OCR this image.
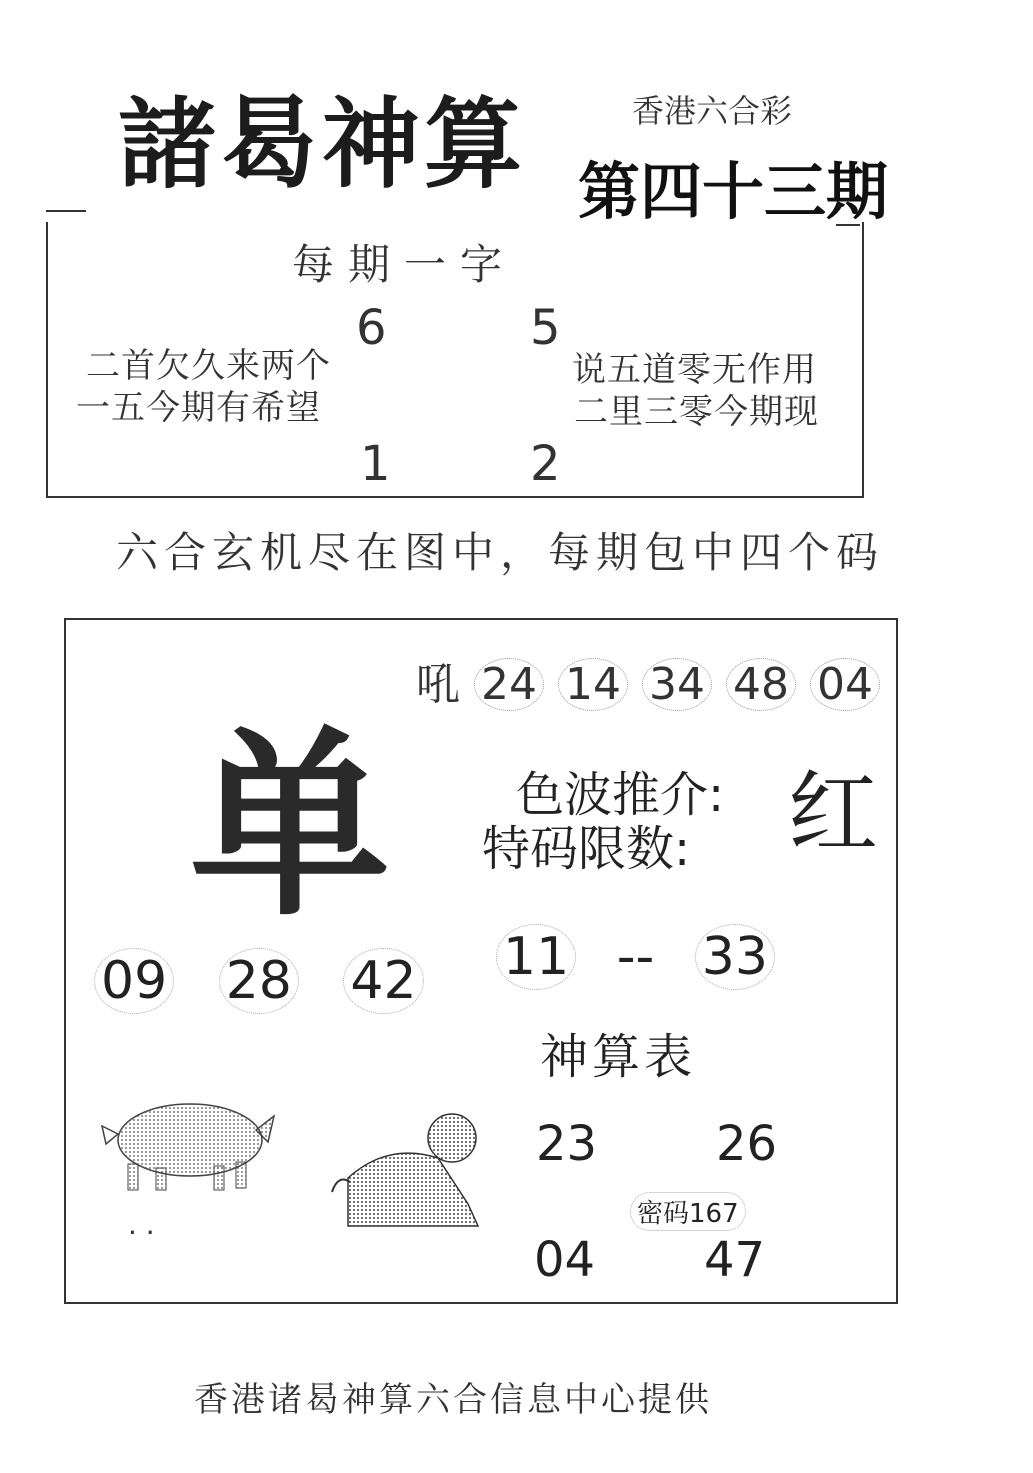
諸曷神算	香港六合彩
第四十三期
每期一字
6	5
1	2
二首欠久来两个
一五今期有希望
说五道零无作用
二里三零今期现
六合玄机尽在图中，每期包中四个码
吼 24 14 34 48 04
单	色波推介: 红
特码限数:
09 28 42	11 -- 33
神算表
23 26
密码167
04 47
· ·
香港诸曷神算六合信息中心提供
